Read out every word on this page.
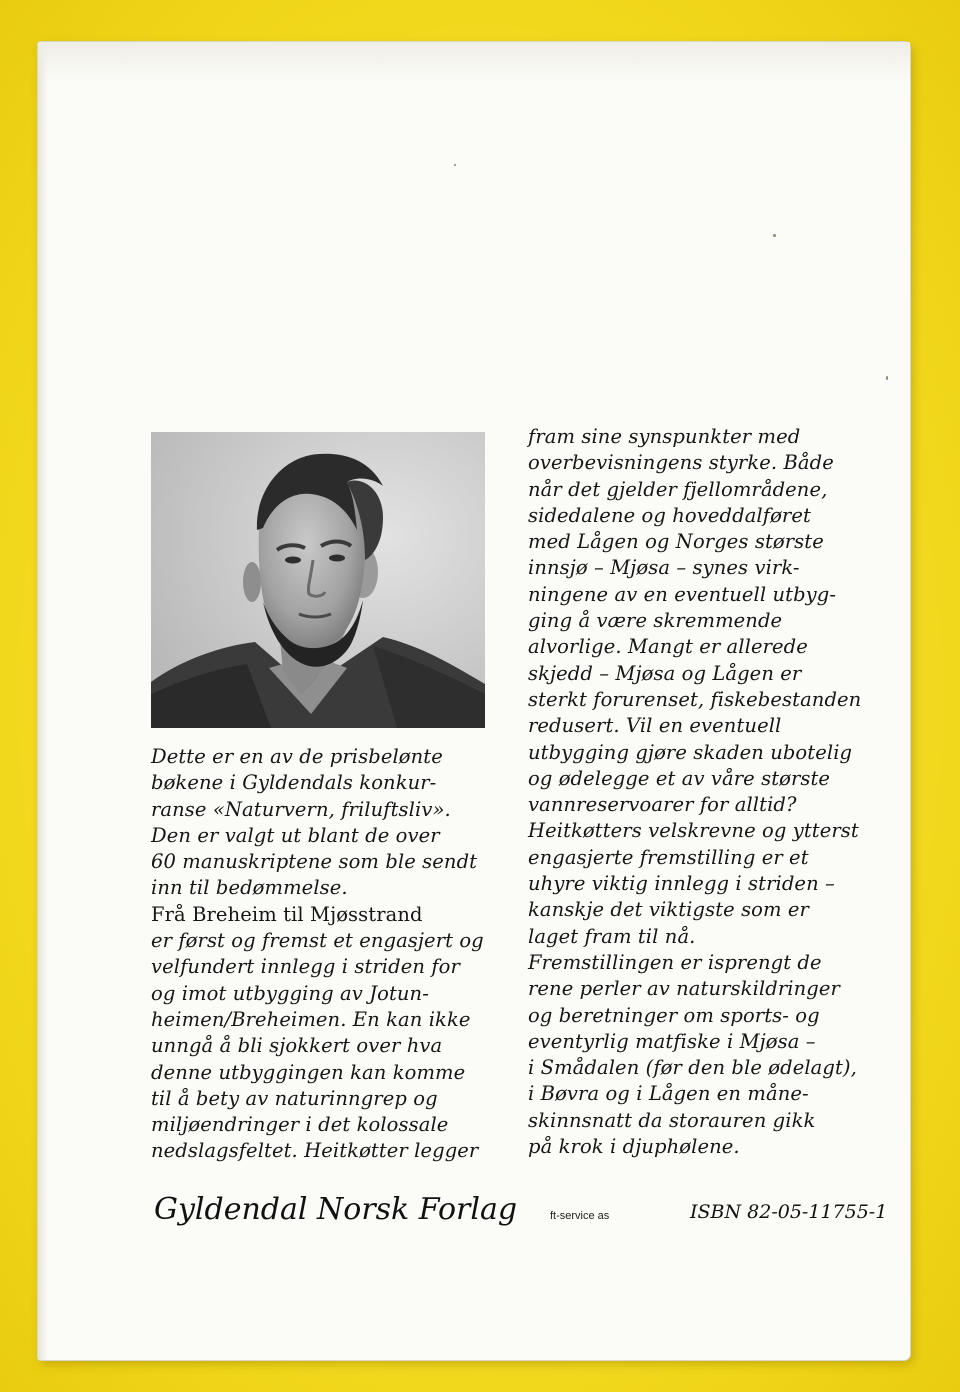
Dette er en av de prisbelønte
bøkene i Gyldendals konkur-
ranse «Naturvern, friluftsliv».
Den er valgt ut blant de over
60 manuskriptene som ble sendt
inn til bedømmelse.
Frå Breheim til Mjøsstrand
er først og fremst et engasjert og
velfundert innlegg i striden for
og imot utbygging av Jotun-
heimen/Breheimen. En kan ikke
unngå å bli sjokkert over hva
denne utbyggingen kan komme
til å bety av naturinngrep og
miljøendringer i det kolossale
nedslagsfeltet. Heitkøtter legger

fram sine synspunkter med
overbevisningens styrke. Både
når det gjelder fjellområdene,
sidedalene og hoveddalføret
med Lågen og Norges største
innsjø – Mjøsa – synes virk-
ningene av en eventuell utbyg-
ging å være skremmende
alvorlige. Mangt er allerede
skjedd – Mjøsa og Lågen er
sterkt forurenset, fiskebestanden
redusert. Vil en eventuell
utbygging gjøre skaden ubotelig
og ødelegge et av våre største
vannreservoarer for alltid?
Heitkøtters velskrevne og ytterst
engasjerte fremstilling er et
uhyre viktig innlegg i striden –
kanskje det viktigste som er
laget fram til nå.
Fremstillingen er isprengt de
rene perler av naturskildringer
og beretninger om sports- og
eventyrlig matfiske i Mjøsa –
i Smådalen (før den ble ødelagt),
i Bøvra og i Lågen en måne-
skinnsnatt da storauren gikk
på krok i djuphølene.

Gyldendal Norsk Forlag	ft-service as	ISBN 82-05-11755-1
